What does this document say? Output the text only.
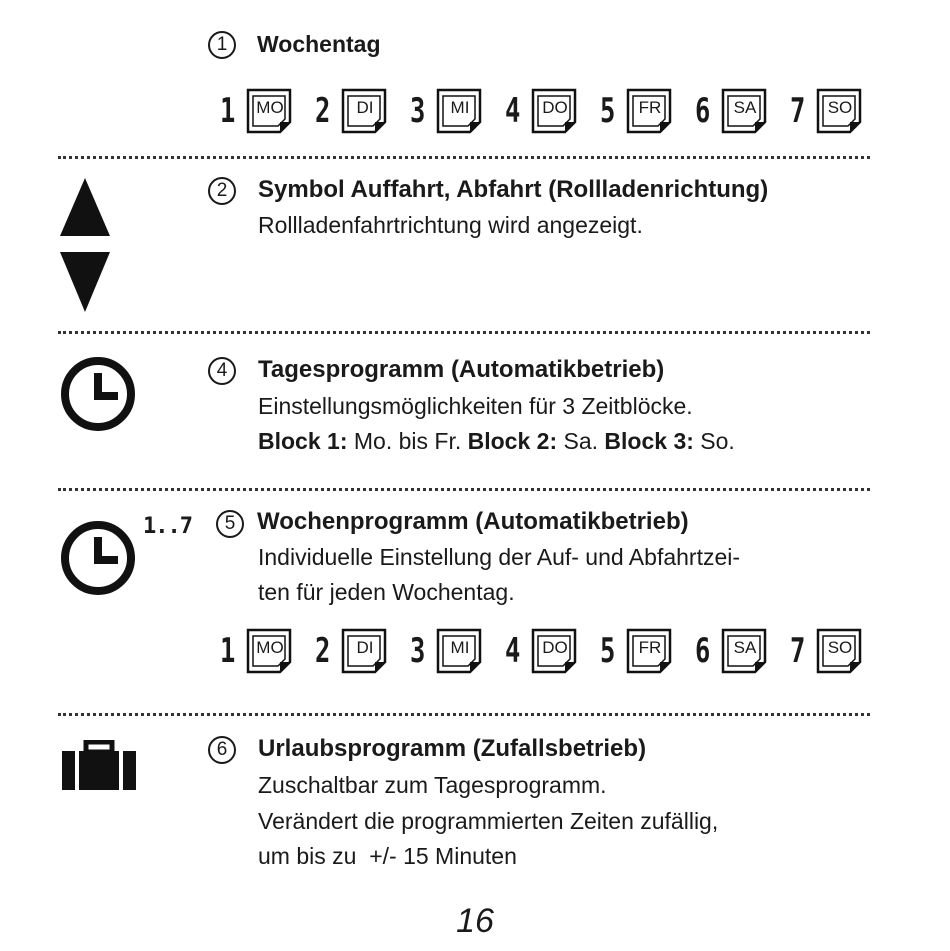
1	Wochentag
1	MO 2	DI	3	MI	4	DO 5	FR 6	SA 7	SO
2	Symbol Auffahrt, Abfahrt (Rollladenrichtung)
Rollladenfahrtrichtung wird angezeigt.
4	Tagesprogramm (Automatikbetrieb)
Einstellungsmöglichkeiten für 3 Zeitblöcke.
Block 1: Mo. bis Fr. Block 2: Sa. Block 3: So.
1..7	5 Wochenprogramm (Automatikbetrieb)
Individuelle Einstellung der Auf- und Abfahrtzei-
ten für jeden Wochentag.
1	MO 2	DI	3	MI	4	DO 5	FR 6	SA 7	SO
6	Urlaubsprogramm (Zufallsbetrieb)
Zuschaltbar zum Tagesprogramm.
Verändert die programmierten Zeiten zufällig,
um bis zu  +/- 15 Minuten
16
